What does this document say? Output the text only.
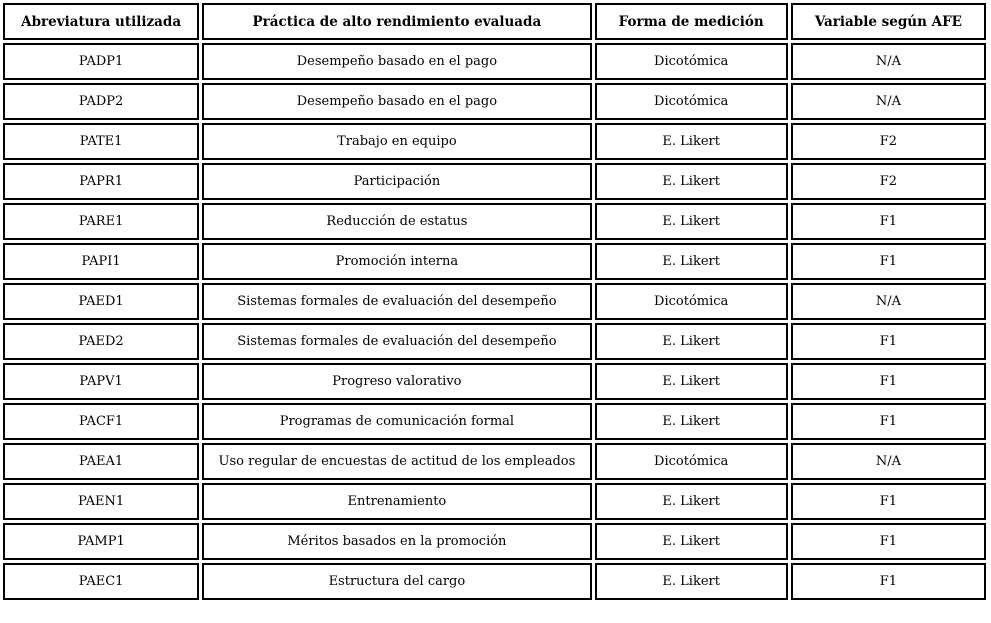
Abreviatura utilizada	Práctica de alto rendimiento evaluada	Forma de medición	Variable según AFE
PADP1	Desempeño basado en el pago	Dicotómica	N/A
PADP2	Desempeño basado en el pago	Dicotómica	N/A
PATE1	Trabajo en equipo	E. Likert	F2
PAPR1	Participación	E. Likert	F2
PARE1	Reducción de estatus	E. Likert	F1
PAPI1	Promoción interna	E. Likert	F1
PAED1	Sistemas formales de evaluación del desempeño	Dicotómica	N/A
PAED2	Sistemas formales de evaluación del desempeño	E. Likert	F1
PAPV1	Progreso valorativo	E. Likert	F1
PACF1	Programas de comunicación formal	E. Likert	F1
PAEA1	Uso regular de encuestas de actitud de los empleados	Dicotómica	N/A
PAEN1	Entrenamiento	E. Likert	F1
PAMP1	Méritos basados en la promoción	E. Likert	F1
PAEC1	Estructura del cargo	E. Likert	F1
